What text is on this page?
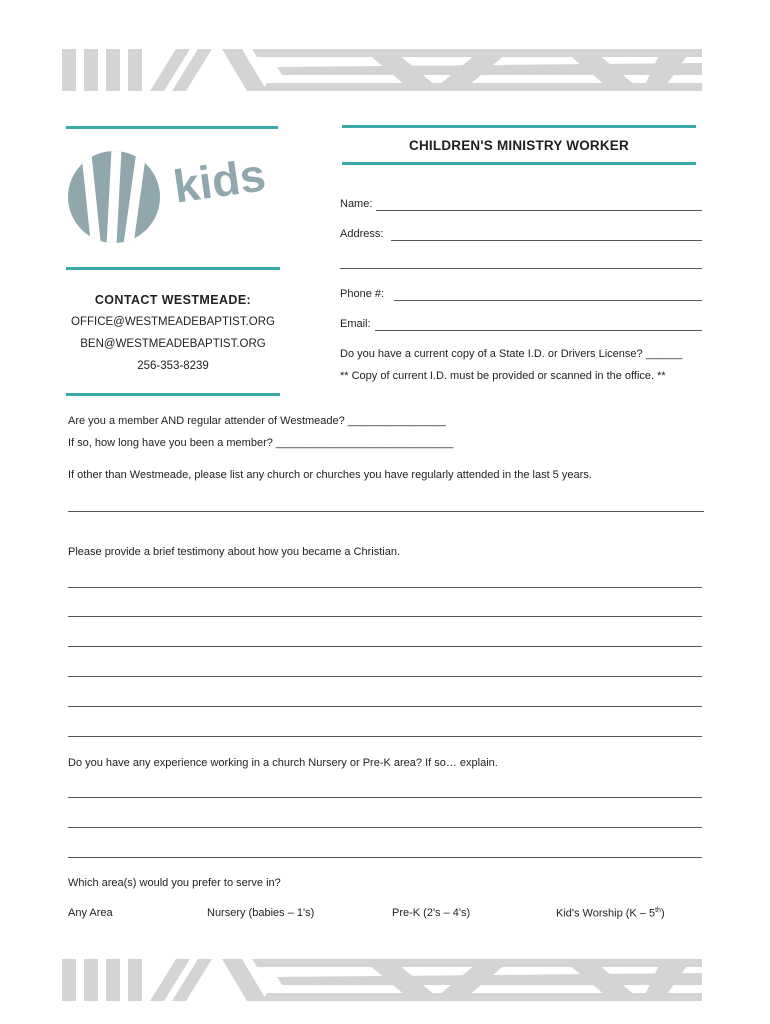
kids
CONTACT WESTMEADE:
OFFICE@WESTMEADEBAPTIST.ORG
BEN@WESTMEADEBAPTIST.ORG
256-353-8239
CHILDREN'S MINISTRY WORKER
Name:
Address:
Phone #:
Email:
Do you have a current copy of a State I.D. or Drivers License? ______
** Copy of current I.D. must be provided or scanned in the office. **
Are you a member AND regular attender of Westmeade? ________________
If so, how long have you been a member? _____________________________
If other than Westmeade, please list any church or churches you have regularly attended in the last 5 years.
Please provide a brief testimony about how you became a Christian.
Do you have any experience working in a church Nursery or Pre-K area? If so… explain.
Which area(s) would you prefer to serve in?
Any Area	Nursery (babies – 1's)	Pre-K (2's – 4's)	Kid's Worship (K – 5th)
